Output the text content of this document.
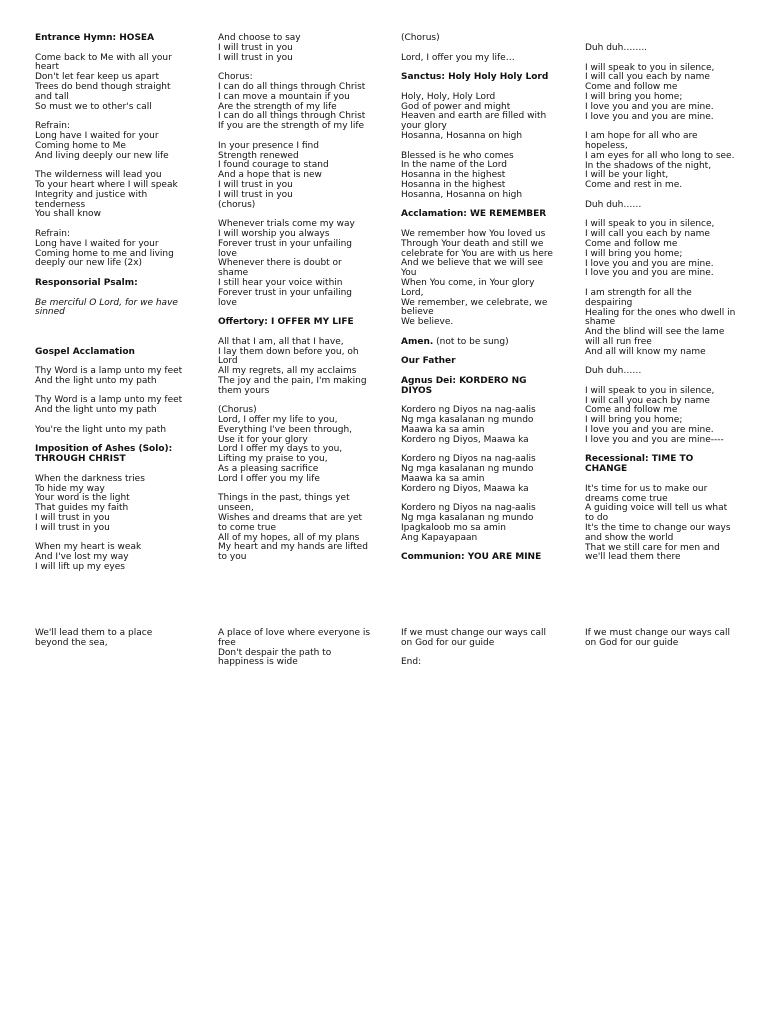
Entrance Hymn: HOSEA
Come back to Me with all your
heart
Don't let fear keep us apart
Trees do bend though straight
and tall
So must we to other's call
Refrain:
Long have I waited for your
Coming home to Me
And living deeply our new life
The wilderness will lead you
To your heart where I will speak
Integrity and justice with
tenderness
You shall know
Refrain:
Long have I waited for your
Coming home to me and living
deeply our new life (2x)
Responsorial Psalm:
Be merciful O Lord, for we have
sinned

Gospel Acclamation
Thy Word is a lamp unto my feet
And the light unto my path
Thy Word is a lamp unto my feet
And the light unto my path
You're the light unto my path
Imposition of Ashes (Solo):
THROUGH CHRIST
When the darkness tries
To hide my way
Your word is the light
That guides my faith
I will trust in you
I will trust in you
When my heart is weak
And I've lost my way
I will lift up my eyes
And choose to say
I will trust in you
I will trust in you
Chorus:
I can do all things through Christ
I can move a mountain if you
Are the strength of my life
I can do all things through Christ
If you are the strength of my life
In your presence I find
Strength renewed
I found courage to stand
And a hope that is new
I will trust in you
I will trust in you
(chorus)
Whenever trials come my way
I will worship you always
Forever trust in your unfailing
love
Whenever there is doubt or
shame
I still hear your voice within
Forever trust in your unfailing
love
Offertory: I OFFER MY LIFE
All that I am, all that I have,
I lay them down before you, oh
Lord
All my regrets, all my acclaims
The joy and the pain, I'm making
them yours
(Chorus)
Lord, I offer my life to you,
Everything I've been through,
Use it for your glory
Lord I offer my days to you,
Lifting my praise to you,
As a pleasing sacrifice
Lord I offer you my life
Things in the past, things yet
unseen,
Wishes and dreams that are yet
to come true
All of my hopes, all of my plans
My heart and my hands are lifted
to you
(Chorus)
Lord, I offer you my life…
Sanctus: Holy Holy Holy Lord
Holy, Holy, Holy Lord
God of power and might
Heaven and earth are filled with
your glory
Hosanna, Hosanna on high
Blessed is he who comes
In the name of the Lord
Hosanna in the highest
Hosanna in the highest
Hosanna, Hosanna on high
Acclamation: WE REMEMBER
We remember how You loved us
Through Your death and still we
celebrate for You are with us here
And we believe that we will see
You
When You come, in Your glory
Lord,
We remember, we celebrate, we
believe
We believe.
Amen. (not to be sung)
Our Father
Agnus Dei: KORDERO NG
DIYOS
Kordero ng Diyos na nag-aalis
Ng mga kasalanan ng mundo
Maawa ka sa amin
Kordero ng Diyos, Maawa ka
Kordero ng Diyos na nag-aalis
Ng mga kasalanan ng mundo
Maawa ka sa amin
Kordero ng Diyos, Maawa ka
Kordero ng Diyos na nag-aalis
Ng mga kasalanan ng mundo
Ipagkaloob mo sa amin
Ang Kapayapaan
Communion: YOU ARE MINE
Duh duh……..
I will speak to you in silence,
I will call you each by name
Come and follow me
I will bring you home;
I love you and you are mine.
I love you and you are mine.
I am hope for all who are
hopeless,
I am eyes for all who long to see.
In the shadows of the night,
I will be your light,
Come and rest in me.
Duh duh……
I will speak to you in silence,
I will call you each by name
Come and follow me
I will bring you home;
I love you and you are mine.
I love you and you are mine.
I am strength for all the
despairing
Healing for the ones who dwell in
shame
And the blind will see the lame
will all run free
And all will know my name
Duh duh……
I will speak to you in silence,
I will call you each by name
Come and follow me
I will bring you home;
I love you and you are mine.
I love you and you are mine----
Recessional: TIME TO
CHANGE
It's time for us to make our
dreams come true
A guiding voice will tell us what
to do
It's the time to change our ways
and show the world
That we still care for men and
we'll lead them there
We'll lead them to a place
beyond the sea,
A place of love where everyone is
free
Don't despair the path to
happiness is wide
If we must change our ways call
on God for our guide
End:
If we must change our ways call
on God for our guide
